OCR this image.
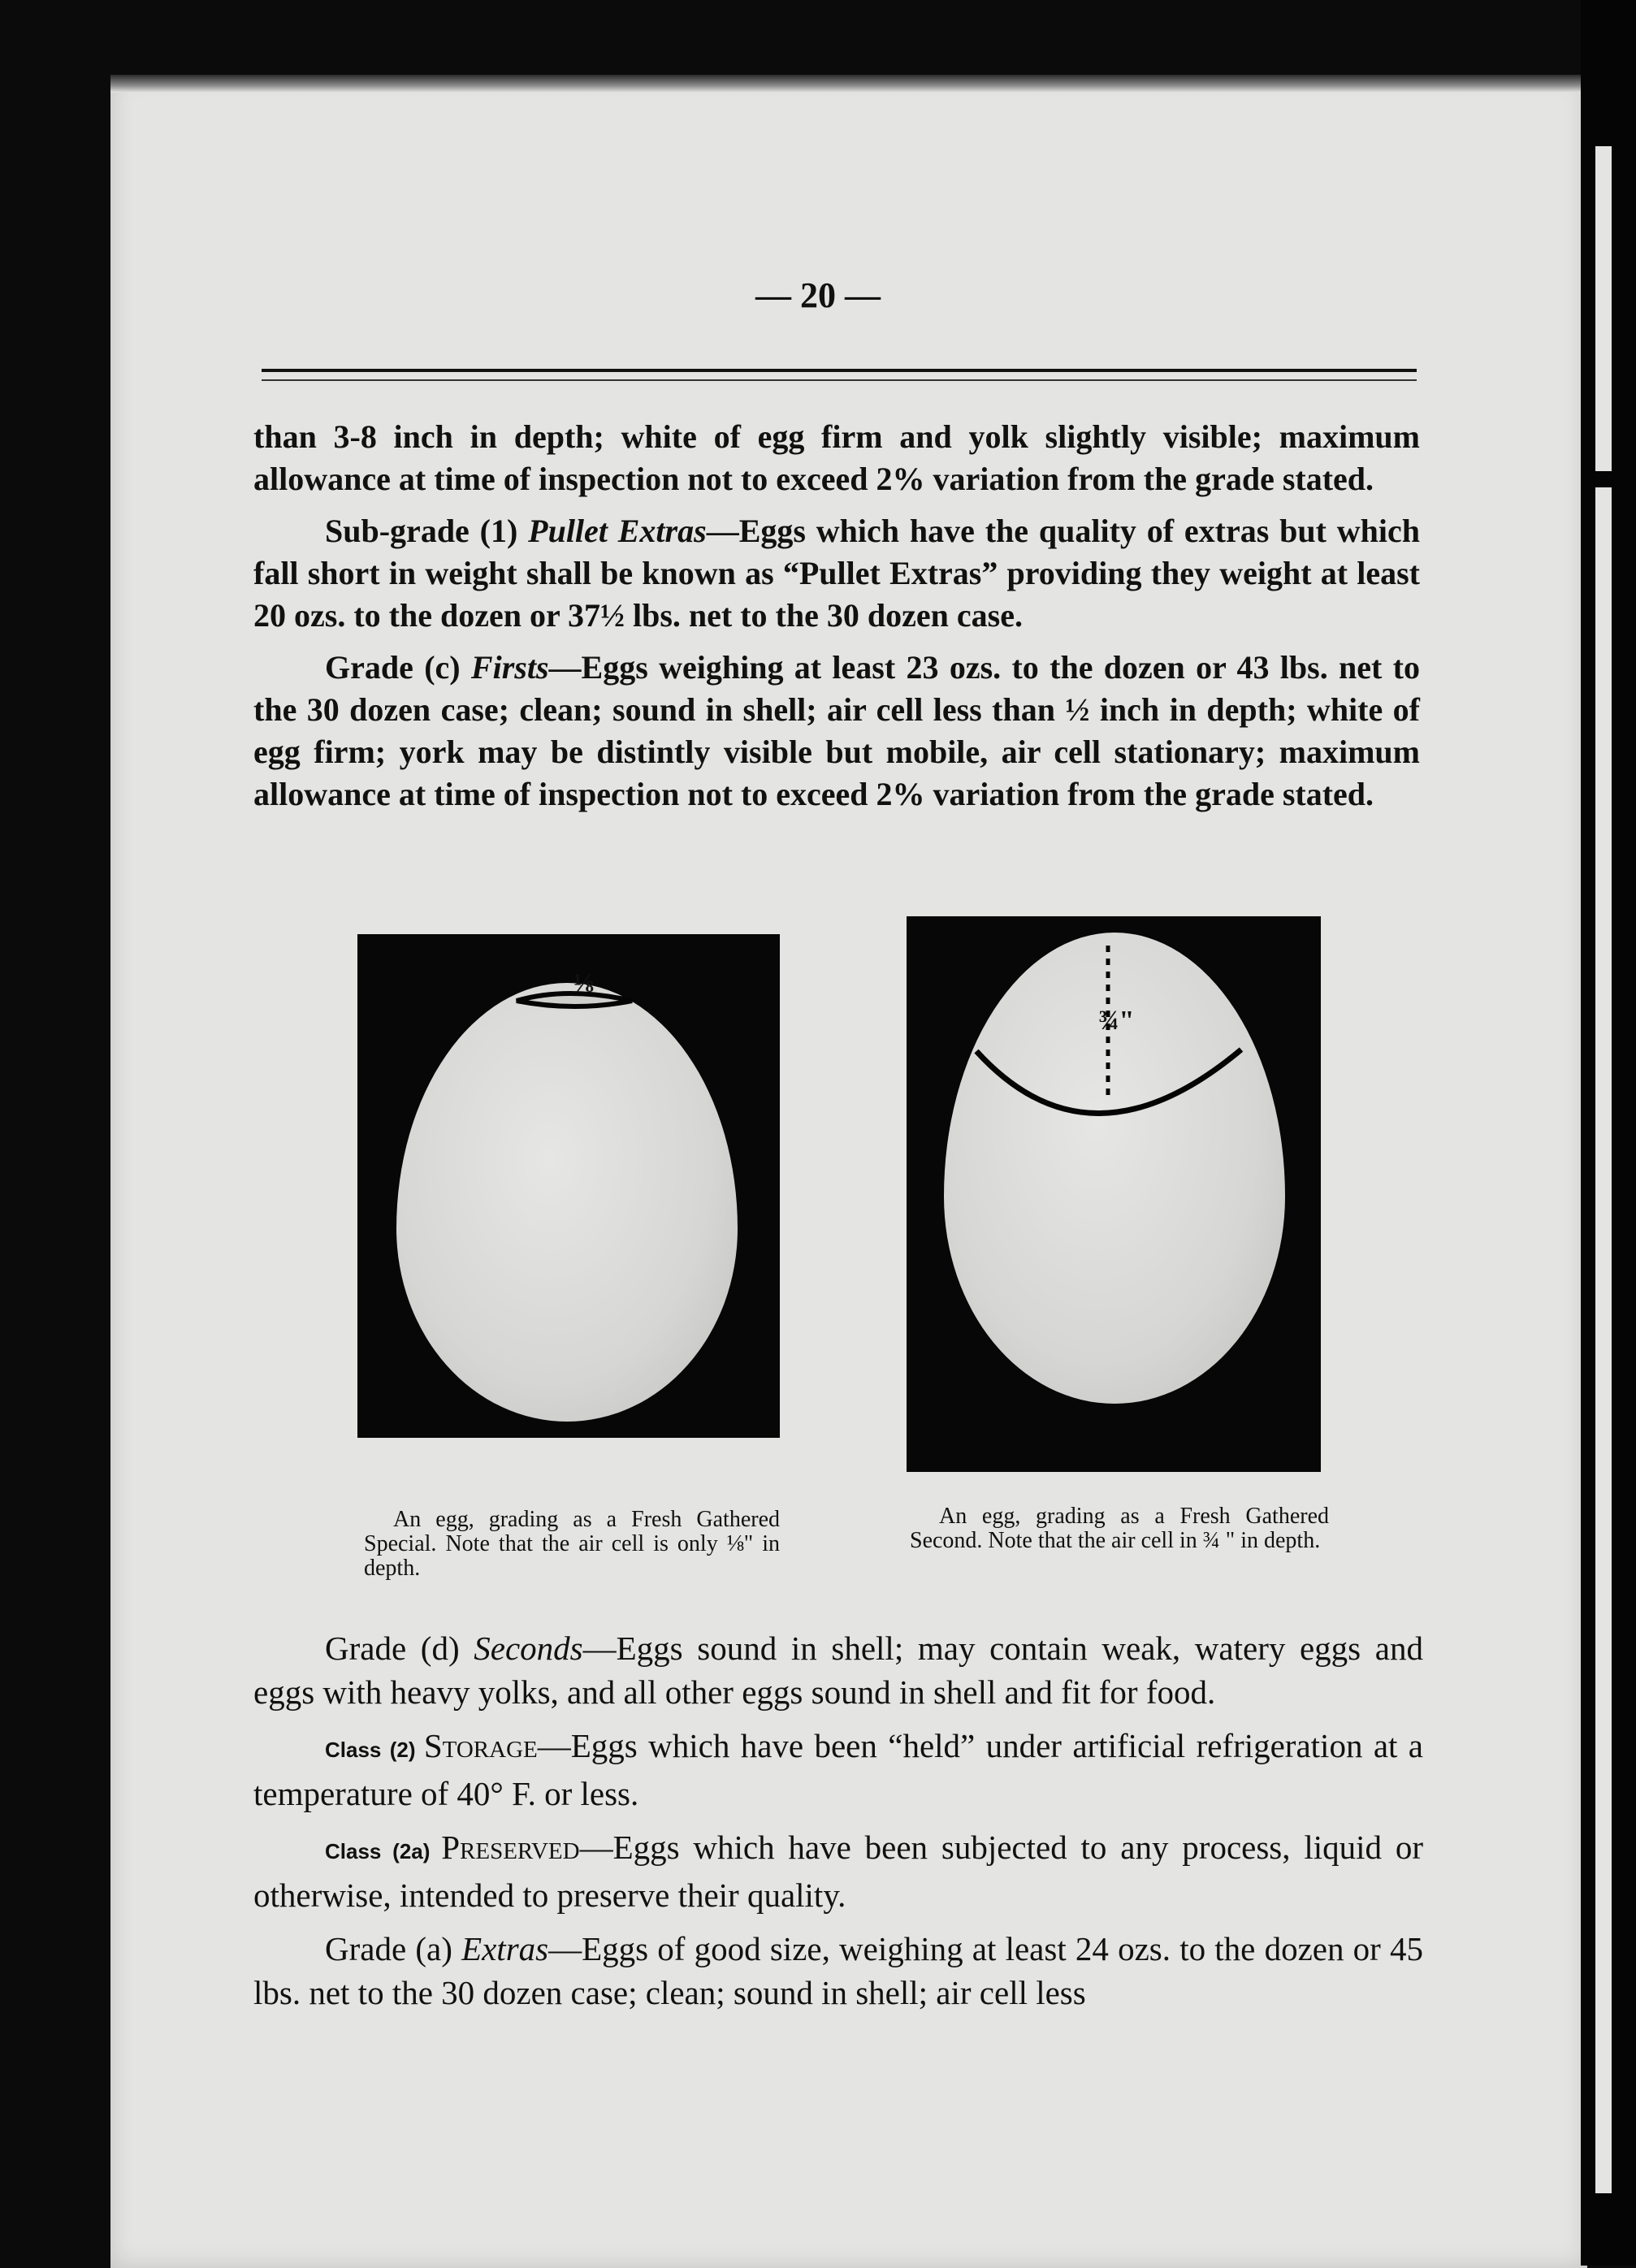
— 20 —

than 3-8 inch in depth; white of egg firm and yolk slightly visible; maximum allowance at time of inspection not to exceed 2% variation from the grade stated.

Sub-grade (1) Pullet Extras—Eggs which have the quality of extras but which fall short in weight shall be known as “Pullet Extras” providing they weight at least 20 ozs. to the dozen or 37½ lbs. net to the 30 dozen case.

Grade (c) Firsts—Eggs weighing at least 23 ozs. to the dozen or 43 lbs. net to the 30 dozen case; clean; sound in shell; air cell less than ½ inch in depth; white of egg firm; york may be distintly visible but mobile, air cell stationary; maximum allowance at time of inspection not to exceed 2% variation from the grade stated.

⅛
An egg, grading as a Fresh Gathered Special. Note that the air cell is only ⅛" in depth.
¾"
An egg, grading as a Fresh Gathered Second. Note that the air cell in ¾ " in depth.

Grade (d) Seconds—Eggs sound in shell; may contain weak, watery eggs and eggs with heavy yolks, and all other eggs sound in shell and fit for food.

Class (2) Storage—Eggs which have been “held” under artificial refrigeration at a temperature of 40° F. or less.

Class (2a) Preserved—Eggs which have been subjected to any process, liquid or otherwise, intended to preserve their quality.

Grade (a) Extras—Eggs of good size, weighing at least 24 ozs. to the dozen or 45 lbs. net to the 30 dozen case; clean; sound in shell; air cell less
